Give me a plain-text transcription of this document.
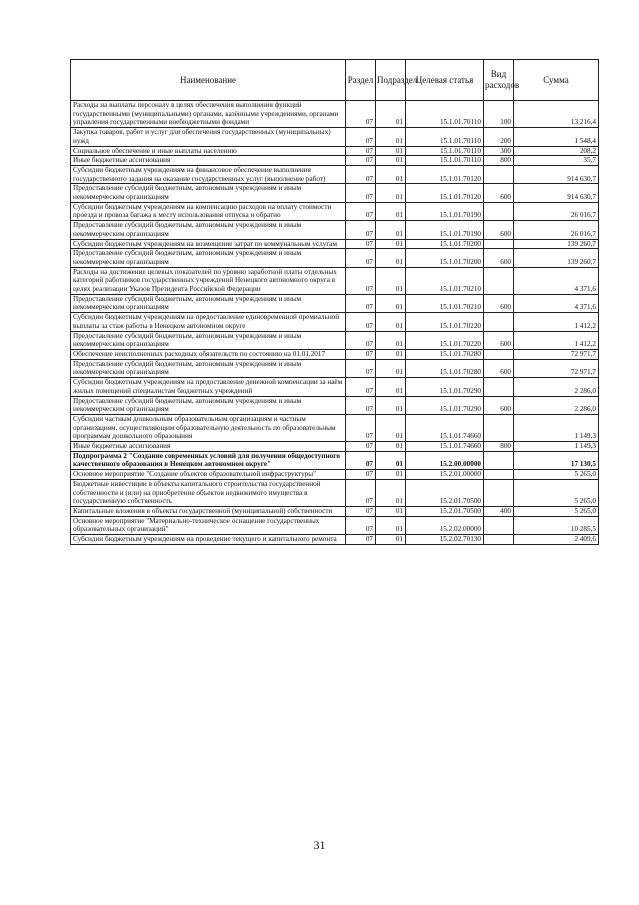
Наименование	Раздел	Подраздел	Целевая статья	Вид расходов	Сумма
Расходы на выплаты персоналу в целях обеспечения выполнения функций государственными (муниципальными) органами, казёнными учреждениями, органами управления государственными внебюджетными фондами	07	01	15.1.01.70110	100	13 216,4
Закупка товаров, работ и услуг для обеспечения государственных (муниципальных) нужд	07	01	15.1.01.70110	200	1 548,4
Социальное обеспечение и иные выплаты населению	07	01	15.1.01.70110	300	208,2
Иные бюджетные ассигнования	07	01	15.1.01.70110	800	35,7
Субсидии бюджетным учреждениям на финансовое обеспечение выполнения государственного задания на оказание государственных услуг (выполнение работ)	07	01	15.1.01.70120		914 630,7
Предоставление субсидий бюджетным, автономным учреждениям и иным некоммерческим организациям	07	01	15.1.01.70120	600	914 630,7
Субсидии бюджетным учреждениям на компенсацию расходов на оплату стоимости проезда и провоза багажа к месту использования отпуска и обратно	07	01	15.1.01.70190		26 016,7
Предоставление субсидий бюджетным, автономным учреждениям и иным некоммерческим организациям	07	01	15.1.01.70190	600	26 016,7
Субсидии бюджетным учреждениям на возмещение затрат по коммунальным услугам	07	01	15.1.01.70200		139 260,7
Предоставление субсидий бюджетным, автономным учреждениям и иным некоммерческим организациям	07	01	15.1.01.70200	600	139 260,7
Расходы на достижение целевых показателей по уровню заработной платы отдельных категорий работников государственных учреждений Ненецкого автономного округа в целях реализации Указов Президента Российской Федерации	07	01	15.1.01.70210		4 371,6
Предоставление субсидий бюджетным, автономным учреждениям и иным некоммерческим организациям	07	01	15.1.01.70210	600	4 371,6
Субсидии бюджетным учреждениям на предоставление единовременной премиальной выплаты за стаж работы в Ненецком автономном округе	07	01	15.1.01.70220		1 412,2
Предоставление субсидий бюджетным, автономным учреждениям и иным некоммерческим организациям	07	01	15.1.01.70220	600	1 412,2
Обеспечение неисполненных расходных обязательств по состоянию на 01.01.2017	07	01	15.1.01.70280		72 971,7
Предоставление субсидий бюджетным, автономным учреждениям и иным некоммерческим организациям	07	01	15.1.01.70280	600	72 971,7
Субсидии бюджетным учреждениям на предоставление денежной компенсации за наём жилых помещений специалистам бюджетных учреждений	07	01	15.1.01.70290		2 286,0
Предоставление субсидий бюджетным, автономным учреждениям и иным некоммерческим организациям	07	01	15.1.01.70290	600	2 286,0
Субсидии частным дошкольным образовательным организациям и частным организациям, осуществляющим образовательную деятельность по образовательным программам дошкольного образования	07	01	15.1.01.74660		1 149,3
Иные бюджетные ассигнования	07	01	15.1.01.74660	800	1 149,3
Подпрограмма 2 "Создание современных условий для получения общедоступного качественного образования в Ненецком автономном округе"	07	01	15.2.00.00000		17 130,5
Основное мероприятие "Создание объектов образовательной инфраструктуры"	07	01	15.2.01.00000		5 265,0
Бюджетные инвестиции в объекты капитального строительства государственной собственности и (или) на приобретение объектов недвижимого имущества в государственную собственность	07	01	15.2.01.70500		5 265,0
Капитальные вложения в объекты государственной (муниципальной) собственности	07	01	15.2.01.70500	400	5 265,0
Основное мероприятие "Материально-техническое оснащение государственных образовательных организаций"	07	01	15.2.02.00000		10 285,5
Субсидии бюджетным учреждениям на проведение текущего и капитального ремонта	07	01	15.2.02.70130		2 409,6
31
